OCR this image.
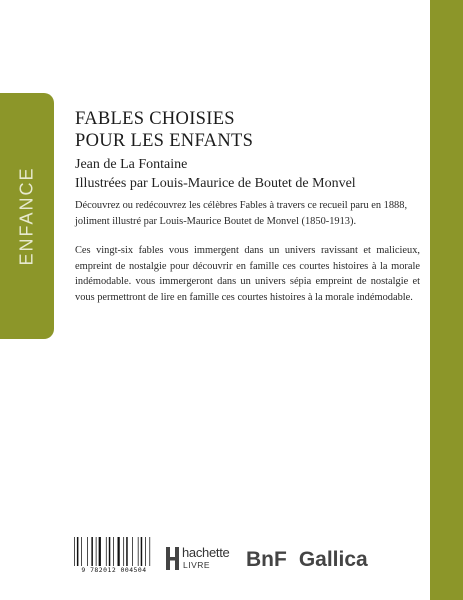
ENFANCE
FABLES CHOISIES
POUR LES ENFANTS

Jean de La Fontaine
Illustrées par Louis-Maurice de Boutet de Monvel

Découvrez ou redécouvrez les célèbres Fables à travers ce recueil paru en 1888, joliment illustré par Louis-Maurice Boutet de Monvel (1850-1913).

Ces vingt-six fables vous immergent dans un univers ravissant et malicieux, empreint de nostalgie pour découvrir en famille ces courtes histoires à la morale indémodable. vous immergeront dans un univers sépia empreint de nostalgie et vous permettront de lire en famille ces courtes histoires à la morale indémodable.

9 782012 004504
hachette
LIVRE BnF Gallica
